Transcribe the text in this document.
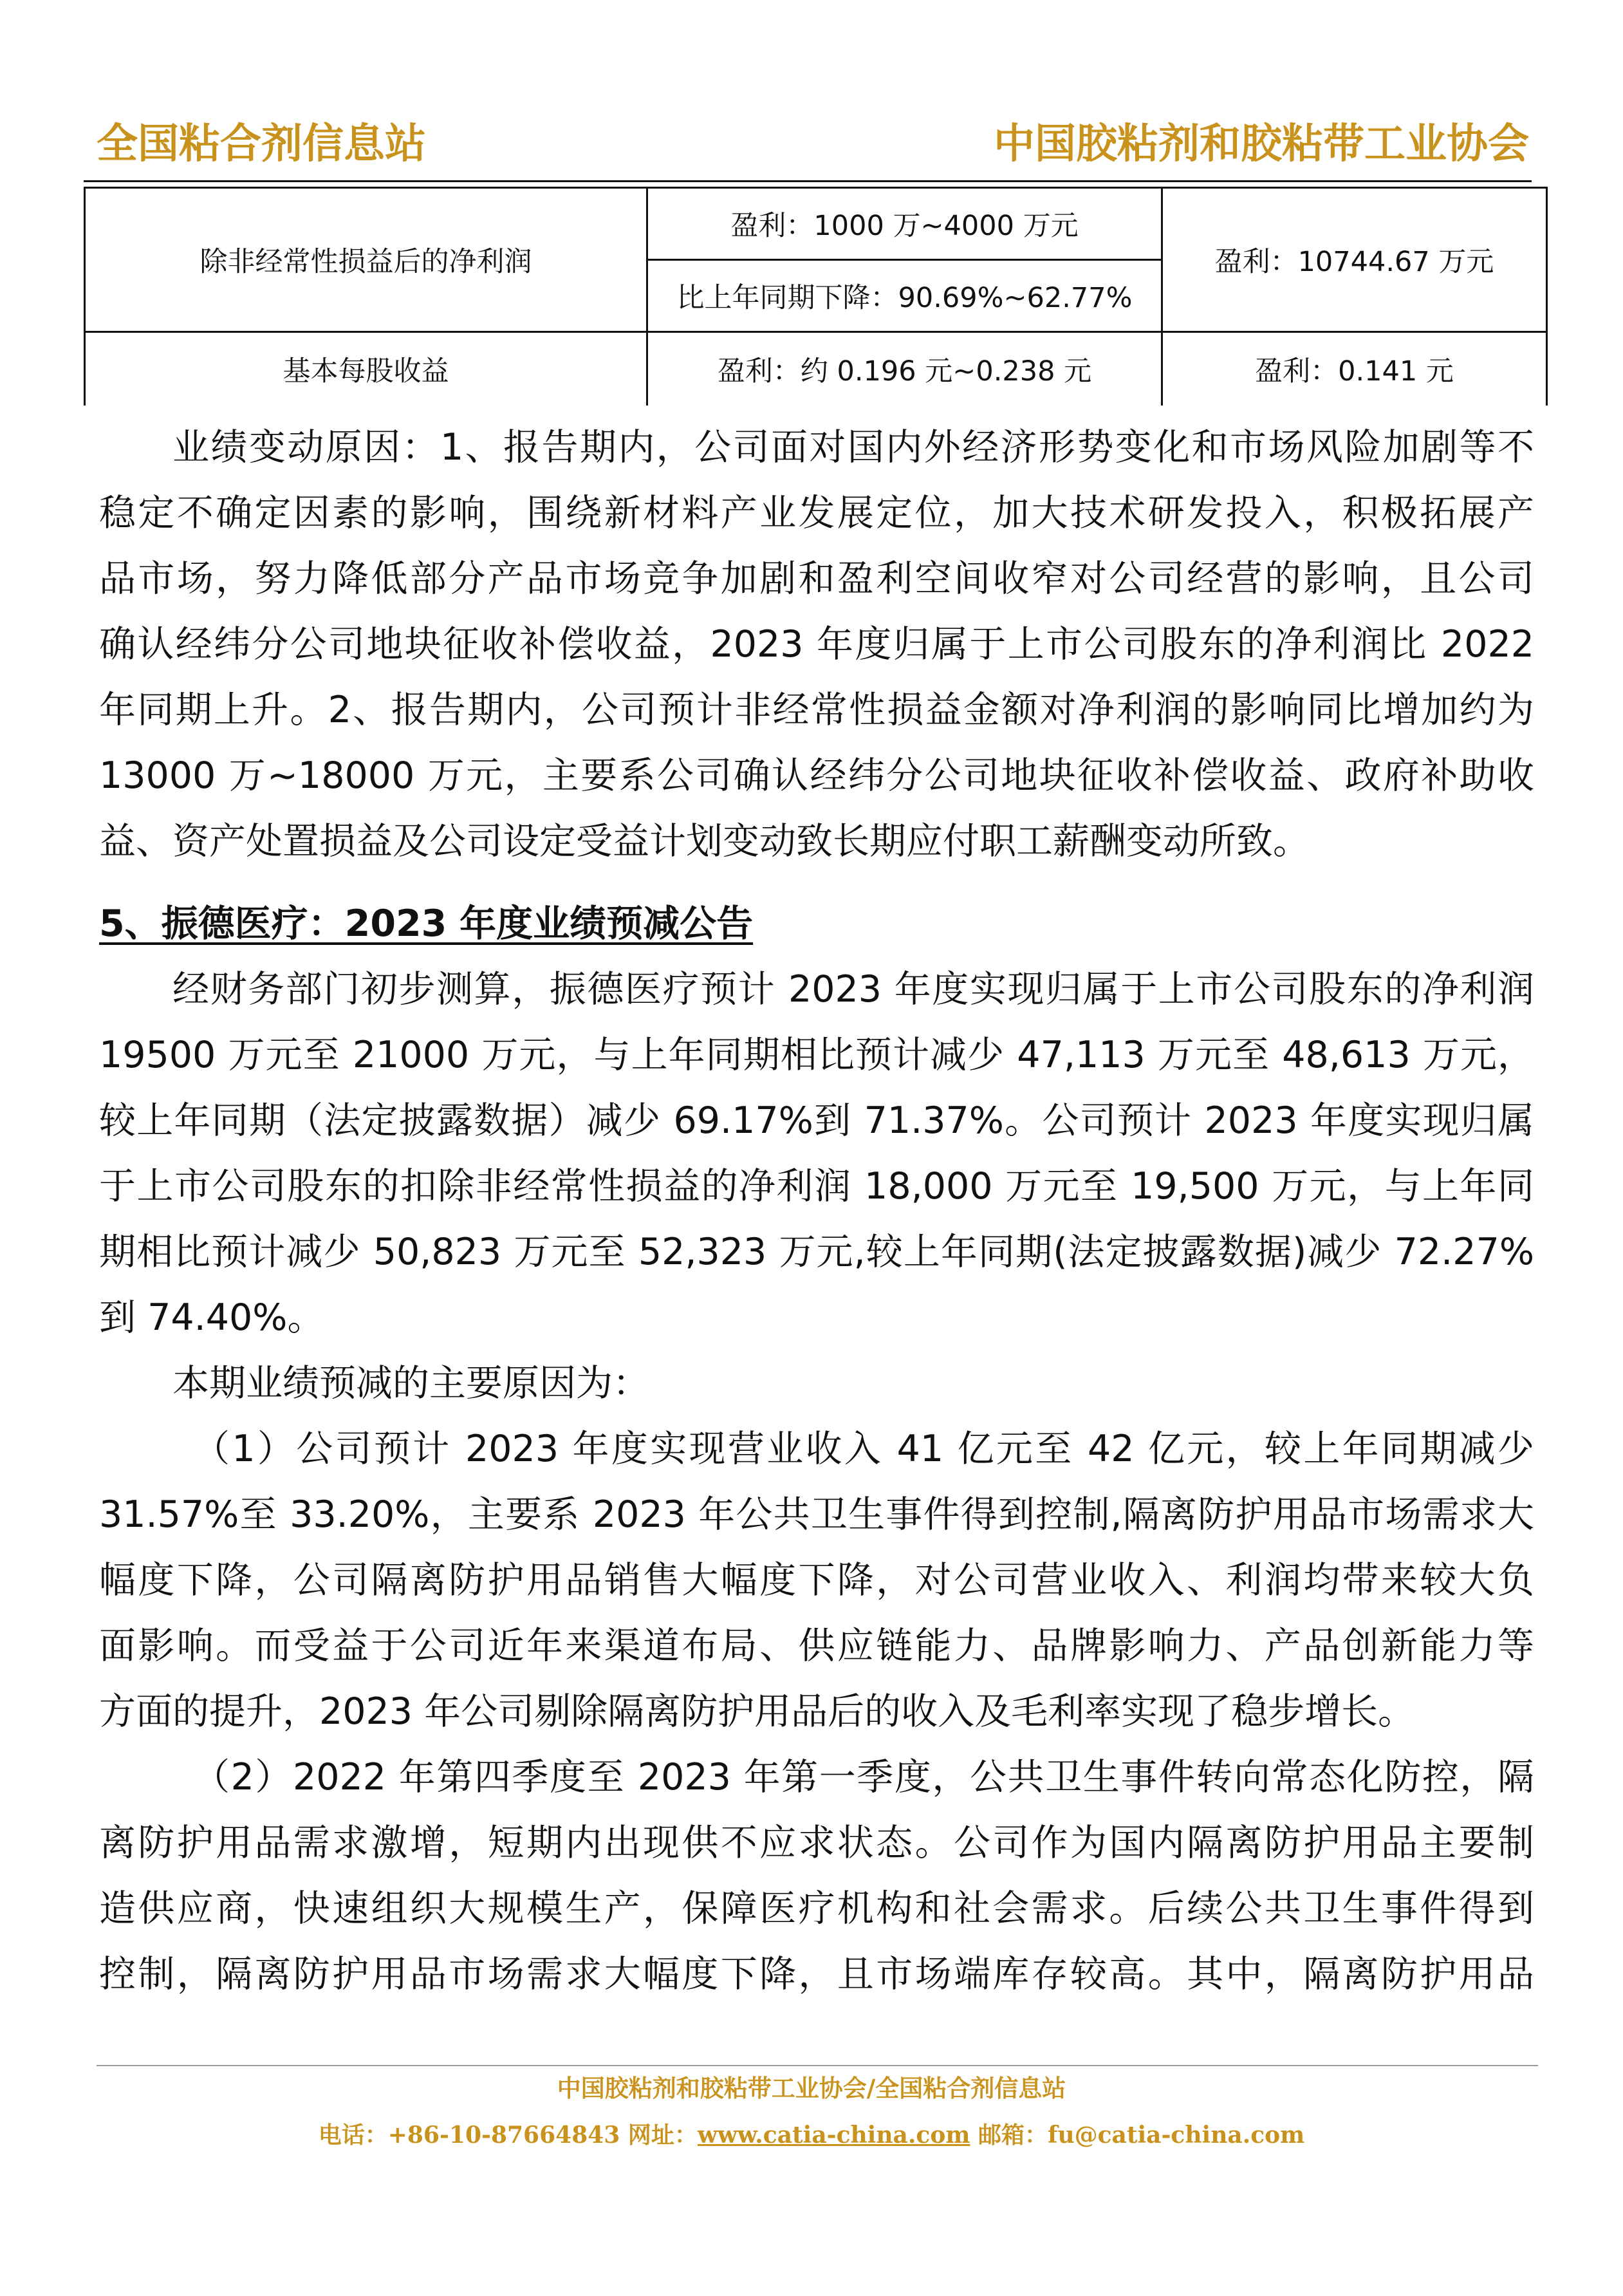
全国粘合剂信息站	中国胶粘剂和胶粘带工业协会
除非经常性损益后的净利润	盈利：1000 万~4000 万元	盈利：10744.67 万元
	比上年同期下降：90.69%~62.77%	
基本每股收益	盈利：约 0.196 元~0.238 元	盈利：0.141 元

业绩变动原因：1、报告期内，公司面对国内外经济形势变化和市场风险加剧等不

稳定不确定因素的影响，围绕新材料产业发展定位，加大技术研发投入，积极拓展产

品市场，努力降低部分产品市场竞争加剧和盈利空间收窄对公司经营的影响，且公司

确认经纬分公司地块征收补偿收益，2023 年度归属于上市公司股东的净利润比 2022

年同期上升。2、报告期内，公司预计非经常性损益金额对净利润的影响同比增加约为

13000 万~18000 万元，主要系公司确认经纬分公司地块征收补偿收益、政府补助收

益、资产处置损益及公司设定受益计划变动致长期应付职工薪酬变动所致。

5、振德医疗：2023 年度业绩预减公告

经财务部门初步测算，振德医疗预计 2023 年度实现归属于上市公司股东的净利润

19500 万元至 21000 万元，与上年同期相比预计减少 47,113 万元至 48,613 万元，

较上年同期（法定披露数据）减少 69.17%到 71.37%。公司预计 2023 年度实现归属

于上市公司股东的扣除非经常性损益的净利润 18,000 万元至 19,500 万元，与上年同

期相比预计减少 50,823 万元至 52,323 万元,较上年同期(法定披露数据)减少 72.27%

到 74.40%。

本期业绩预减的主要原因为：

（1）公司预计 2023 年度实现营业收入 41 亿元至 42 亿元，较上年同期减少

31.57%至 33.20%，主要系 2023 年公共卫生事件得到控制,隔离防护用品市场需求大

幅度下降，公司隔离防护用品销售大幅度下降，对公司营业收入、利润均带来较大负

面影响。而受益于公司近年来渠道布局、供应链能力、品牌影响力、产品创新能力等

方面的提升，2023 年公司剔除隔离防护用品后的收入及毛利率实现了稳步增长。

（2）2022 年第四季度至 2023 年第一季度，公共卫生事件转向常态化防控，隔

离防护用品需求激增，短期内出现供不应求状态。公司作为国内隔离防护用品主要制

造供应商，快速组织大规模生产，保障医疗机构和社会需求。后续公共卫生事件得到

控制，隔离防护用品市场需求大幅度下降，且市场端库存较高。其中，隔离防护用品

中国胶粘剂和胶粘带工业协会/全国粘合剂信息站
电话：+86-10-87664843 网址：www.catia-china.com 邮箱：fu@catia-china.com
